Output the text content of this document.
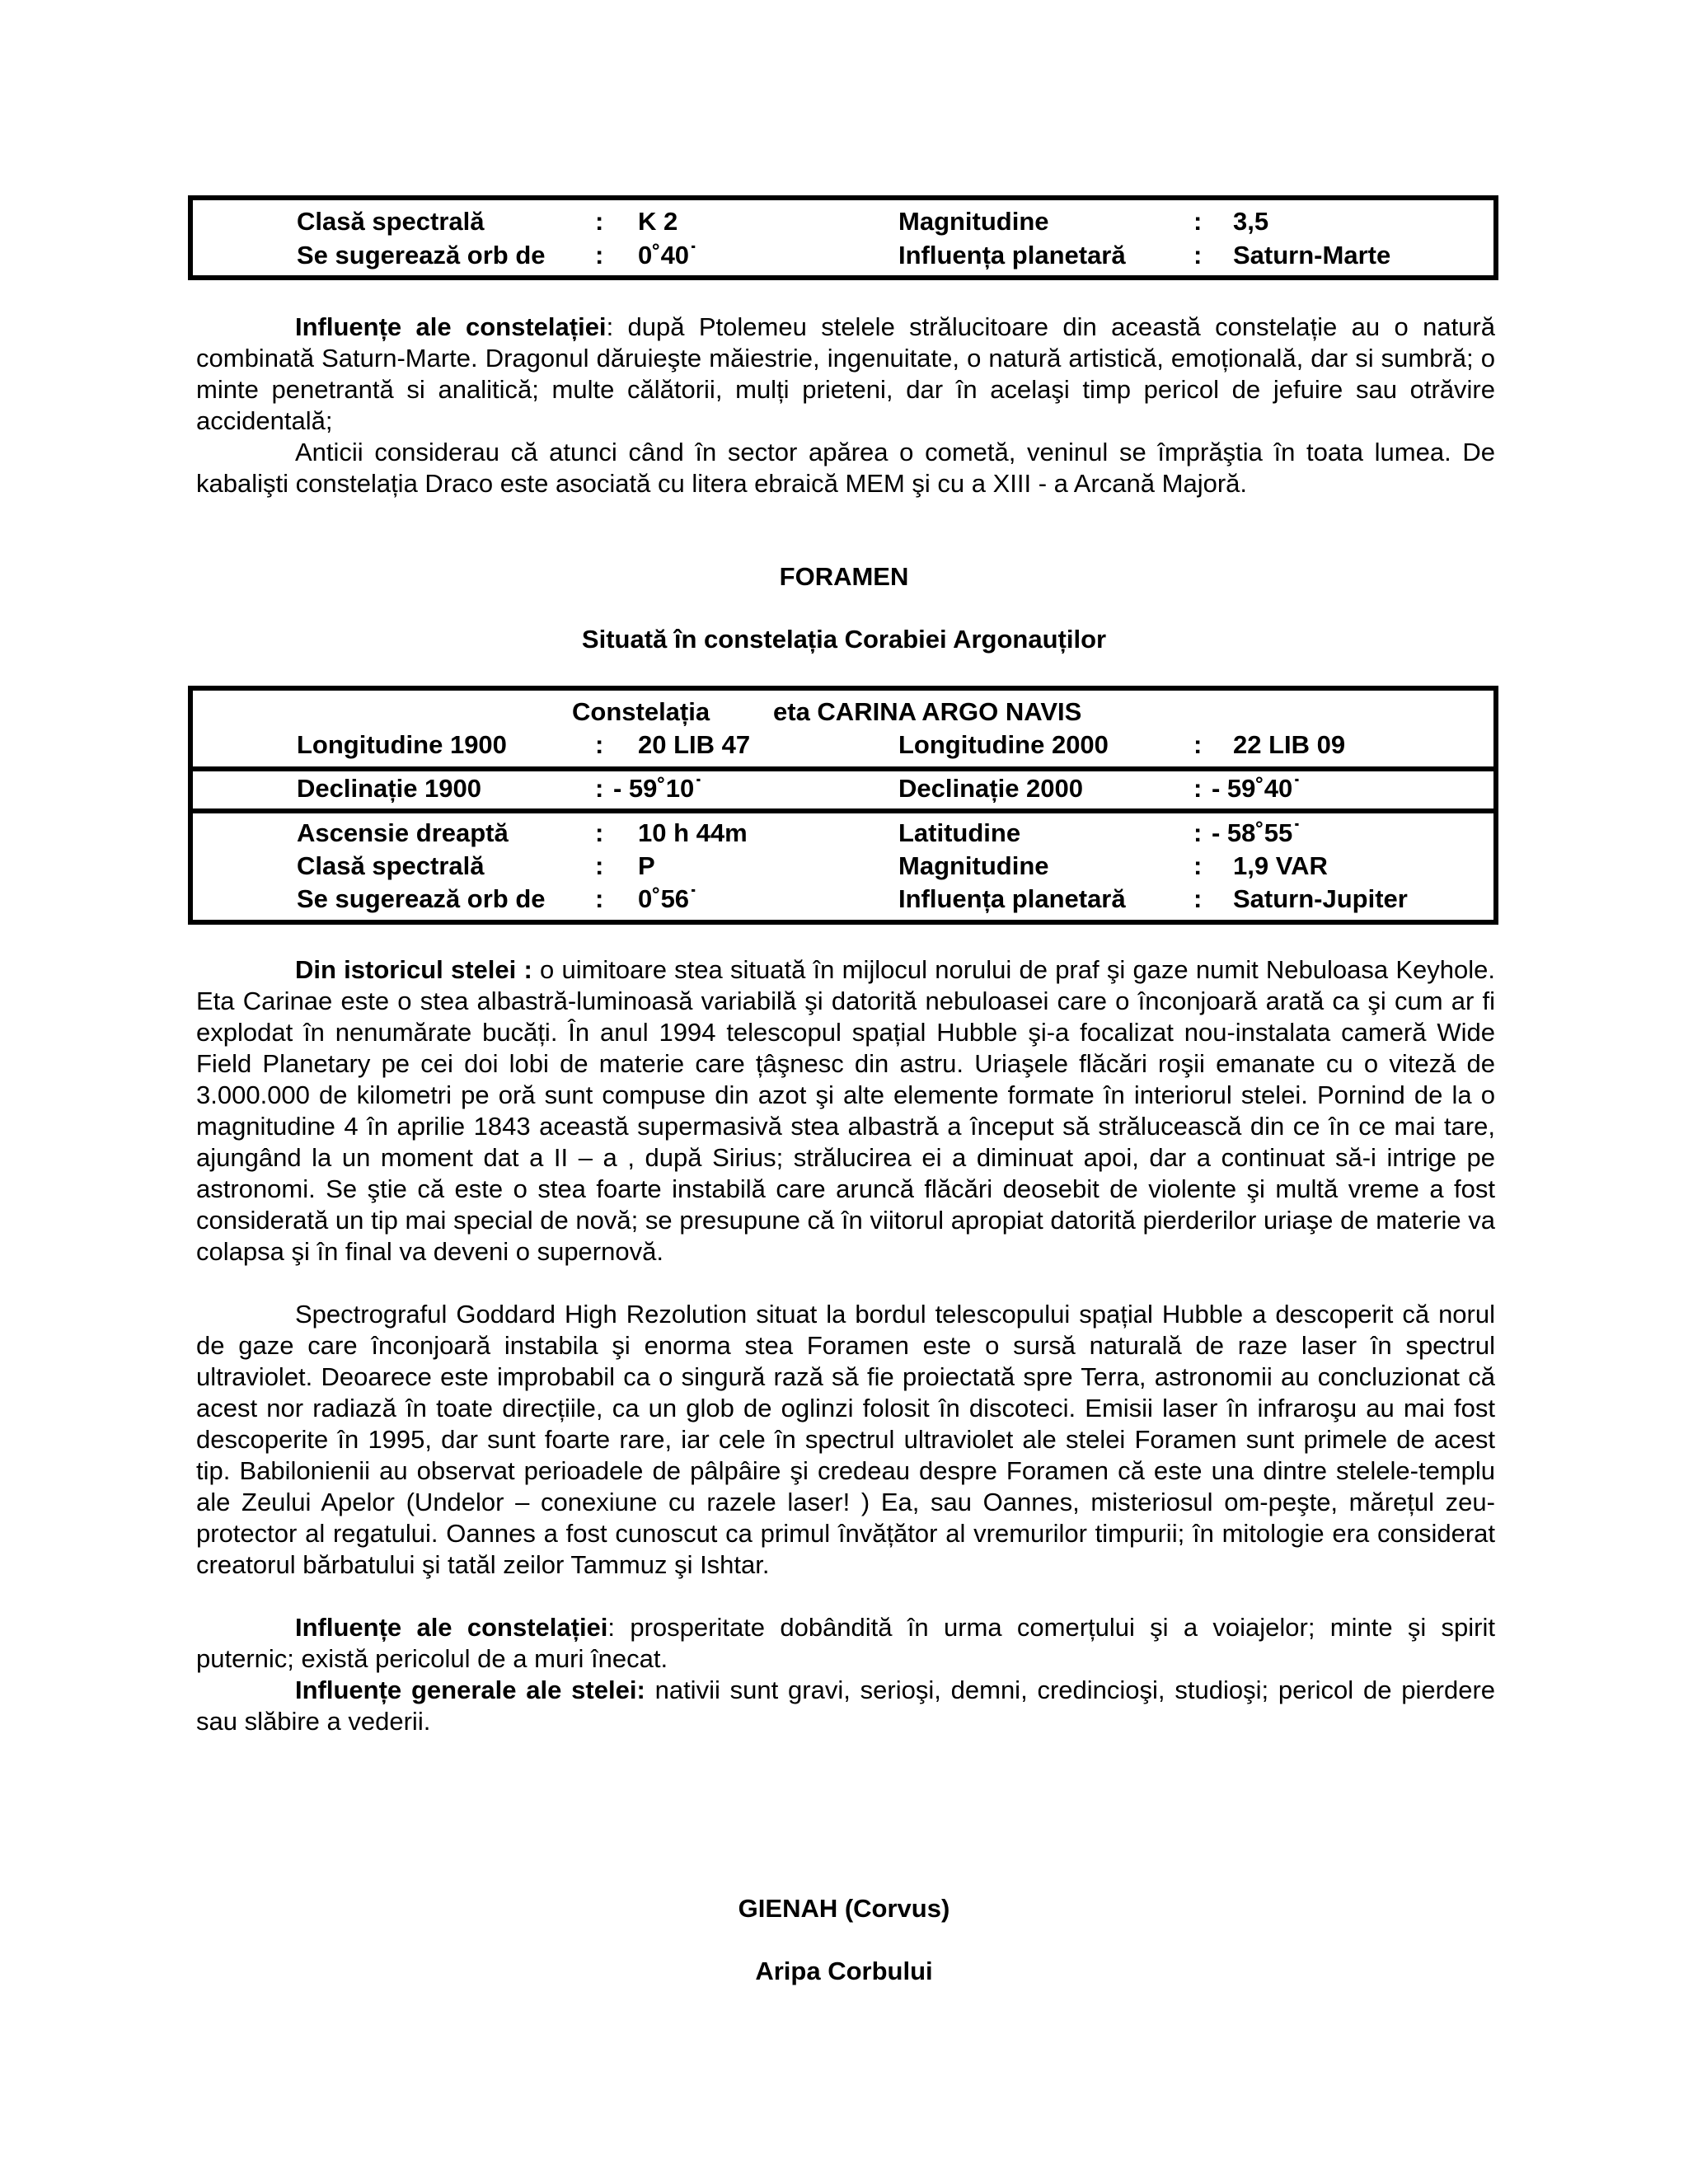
Clasă spectrală	: K 2	Magnitudine	: 3,5
Se sugerează orb de : 0˚40˙	Influența planetară	: Saturn-Marte

Influențe ale constelației: după Ptolemeu stelele strălucitoare din această constelație au o natură combinată Saturn-Marte. Dragonul dăruieşte măiestrie, ingenuitate, o natură artistică, emoțională, dar si sumbră; o minte penetrantă si analitică; multe călătorii, mulți prieteni, dar în acelaşi timp pericol de jefuire sau otrăvire accidentală;

Anticii considerau că atunci când în sector apărea o cometă, veninul se împrăştia în toata lumea. De kabalişti constelația Draco este asociată cu litera ebraică MEM şi cu a XIII - a Arcană Majoră.

FORAMEN

Situată în constelația Corabiei Argonauților

Constelația eta CARINA ARGO NAVIS
Longitudine 1900	: 20 LIB 47	Longitudine 2000	: 22 LIB 09
Declinație 1900	: - 59˚10˙	Declinație 2000	: - 59˚40˙
Ascensie dreaptă	: 10 h 44m	Latitudine	: - 58˚55˙
Clasă spectrală	: P	Magnitudine	: 1,9 VAR
Se sugerează orb de : 0˚56˙	Influența planetară	: Saturn-Jupiter

Din istoricul stelei : o uimitoare stea situată în mijlocul norului de praf şi gaze numit Nebuloasa Keyhole. Eta Carinae este o stea albastră-luminoasă variabilă şi datorită nebuloasei care o înconjoară arată ca şi cum ar fi explodat în nenumărate bucăți. În anul 1994 telescopul spațial Hubble şi-a focalizat nou-instalata cameră Wide Field Planetary pe cei doi lobi de materie care țâşnesc din astru. Uriaşele flăcări roşii emanate cu o viteză de 3.000.000 de kilometri pe oră sunt compuse din azot şi alte elemente formate în interiorul stelei. Pornind de la o magnitudine 4 în aprilie 1843 această supermasivă stea albastră a început să strălucească din ce în ce mai tare, ajungând la un moment dat a II – a , după Sirius; strălucirea ei a diminuat apoi, dar a continuat să-i intrige pe astronomi. Se ştie că este o stea foarte instabilă care aruncă flăcări deosebit de violente şi multă vreme a fost considerată un tip mai special de novă; se presupune că în viitorul apropiat datorită pierderilor uriaşe de materie va colapsa şi în final va deveni o supernovă.

Spectrograful Goddard High Rezolution situat la bordul telescopului spațial Hubble a descoperit că norul de gaze care înconjoară instabila şi enorma stea Foramen este o sursă naturală de raze laser în spectrul ultraviolet. Deoarece este improbabil ca o singură rază să fie proiectată spre Terra, astronomii au concluzionat că acest nor radiază în toate direcțiile, ca un glob de oglinzi folosit în discoteci. Emisii laser în infraroşu au mai fost descoperite în 1995, dar sunt foarte rare, iar cele în spectrul ultraviolet ale stelei Foramen sunt primele de acest tip. Babilonienii au observat perioadele de pâlpâire şi credeau despre Foramen că este una dintre stelele-templu ale Zeului Apelor (Undelor – conexiune cu razele laser! ) Ea, sau Oannes, misteriosul om-peşte, mărețul zeu-protector al regatului. Oannes a fost cunoscut ca primul învățător al vremurilor timpurii; în mitologie era considerat creatorul bărbatului şi tatăl zeilor Tammuz şi Ishtar.

Influențe ale constelației: prosperitate dobândită în urma comerțului şi a voiajelor; minte şi spirit puternic; există pericolul de a muri înecat.

Influențe generale ale stelei: nativii sunt gravi, serioşi, demni, credincioşi, studioşi; pericol de pierdere sau slăbire a vederii.

GIENAH (Corvus)

Aripa Corbului
